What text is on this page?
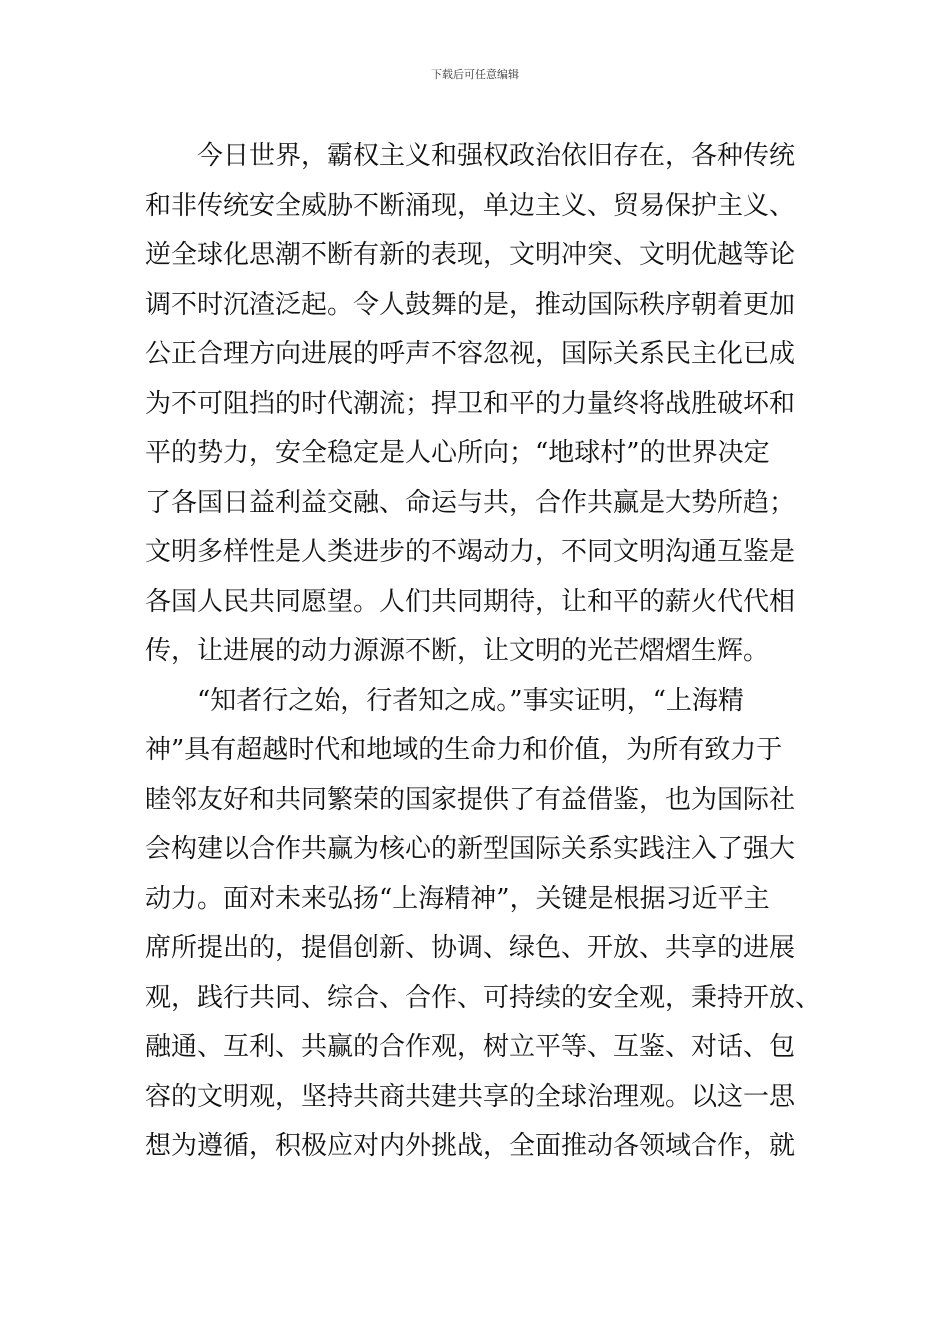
下载后可任意编辑
今日世界，霸权主义和强权政治依旧存在，各种传统
和非传统安全威胁不断涌现，单边主义、贸易保护主义、
逆全球化思潮不断有新的表现，文明冲突、文明优越等论
调不时沉渣泛起。令人鼓舞的是，推动国际秩序朝着更加
公正合理方向进展的呼声不容忽视，国际关系民主化已成
为不可阻挡的时代潮流；捍卫和平的力量终将战胜破坏和
平的势力，安全稳定是人心所向；“地球村”的世界决定
了各国日益利益交融、命运与共，合作共赢是大势所趋；
文明多样性是人类进步的不竭动力，不同文明沟通互鉴是
各国人民共同愿望。人们共同期待，让和平的薪火代代相
传，让进展的动力源源不断，让文明的光芒熠熠生辉。
“知者行之始，行者知之成。”事实证明，“上海精
神”具有超越时代和地域的生命力和价值，为所有致力于
睦邻友好和共同繁荣的国家提供了有益借鉴，也为国际社
会构建以合作共赢为核心的新型国际关系实践注入了强大
动力。面对未来弘扬“上海精神”，关键是根据习近平主
席所提出的，提倡创新、协调、绿色、开放、共享的进展
观，践行共同、综合、合作、可持续的安全观，秉持开放、
融通、互利、共赢的合作观，树立平等、互鉴、对话、包
容的文明观，坚持共商共建共享的全球治理观。以这一思
想为遵循，积极应对内外挑战，全面推动各领域合作，就
